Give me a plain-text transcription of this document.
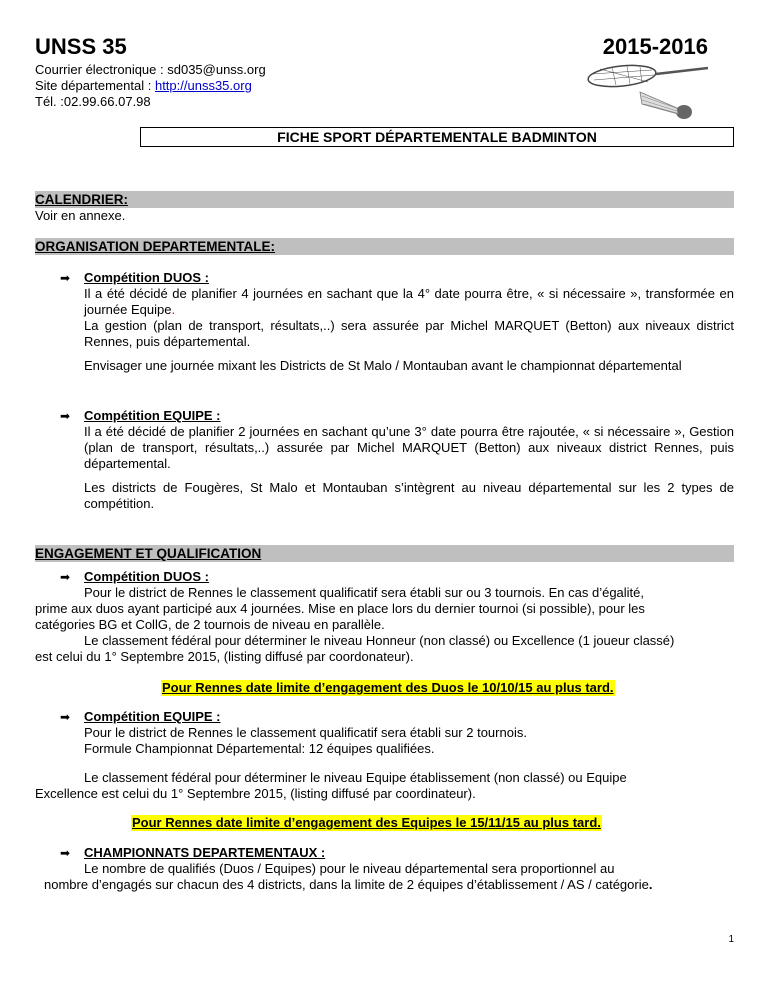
UNSS 35	2015-2016
Courrier électronique : sd035@unss.org
Site départemental : http://unss35.org
Tél. :02.99.66.07.98
FICHE SPORT DÉPARTEMENTALE BADMINTON
CALENDRIER:
Voir en annexe.
ORGANISATION DEPARTEMENTALE:
➡ Compétition DUOS :
Il a été décidé de planifier 4 journées en sachant que la 4° date pourra être, « si nécessaire », transformée en journée Equipe.
La gestion (plan de transport, résultats,..) sera assurée par Michel MARQUET (Betton) aux niveaux district Rennes, puis départemental.
Envisager une journée mixant les Districts de St Malo / Montauban avant le championnat départemental
➡ Compétition EQUIPE :
Il a été décidé de planifier 2 journées en sachant qu’une 3° date pourra être rajoutée, « si nécessaire », Gestion (plan de transport, résultats,..) assurée par Michel MARQUET (Betton) aux niveaux district Rennes, puis départemental.
Les districts de Fougères, St Malo et Montauban s’intègrent au niveau départemental sur les 2 types de compétition.
ENGAGEMENT ET QUALIFICATION
➡ Compétition DUOS :
Pour le district de Rennes le classement qualificatif sera établi sur ou 3 tournois. En cas d’égalité,
prime aux duos ayant participé aux 4 journées. Mise en place lors du dernier tournoi (si possible), pour les
catégories BG et CollG, de 2 tournois de niveau en parallèle.
Le classement fédéral pour déterminer le niveau Honneur (non classé) ou Excellence (1 joueur classé)
est celui du 1° Septembre 2015, (listing diffusé par coordonateur).
Pour Rennes date limite d’engagement des Duos le 10/10/15 au plus tard.
➡ Compétition EQUIPE :
Pour le district de Rennes le classement qualificatif sera établi sur 2 tournois.
Formule Championnat Départemental: 12 équipes qualifiées.
Le classement fédéral pour déterminer le niveau Equipe établissement (non classé) ou Equipe
Excellence est celui du 1° Septembre 2015, (listing diffusé par coordinateur).
Pour Rennes date limite d’engagement des Equipes le 15/11/15 au plus tard.
➡ CHAMPIONNATS DEPARTEMENTAUX :
Le nombre de qualifiés (Duos / Equipes) pour le niveau départemental sera proportionnel au
nombre d’engagés sur chacun des 4 districts, dans la limite de 2 équipes d’établissement / AS / catégorie.
1
